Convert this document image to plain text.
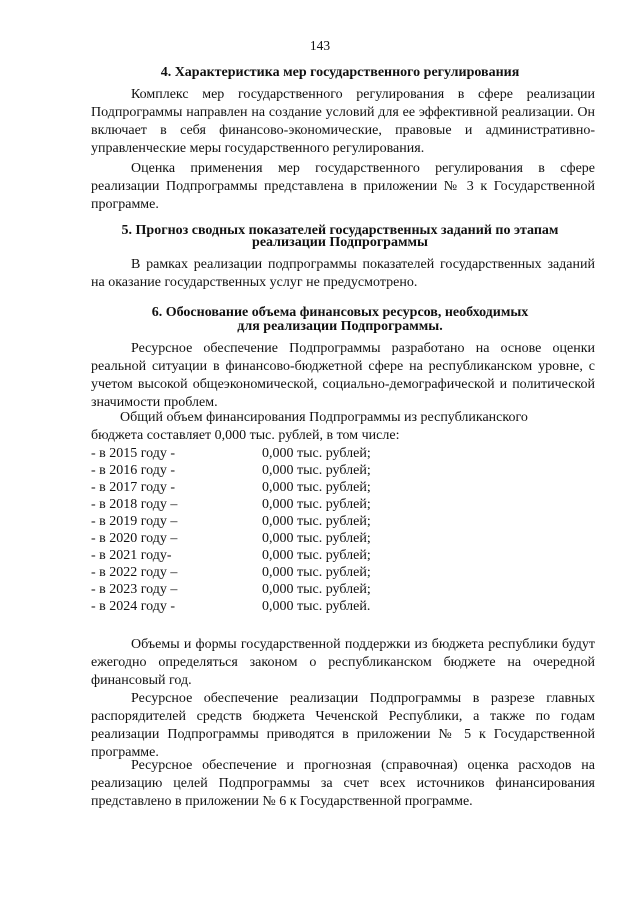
143
4. Характеристика мер государственного регулирования

Комплекс мер государственного регулирования в сфере реализации Подпрограммы направлен на создание условий для ее эффективной реализации. Он включает в себя финансово-экономические, правовые и административно-управленческие меры государственного регулирования.

Оценка применения мер государственного регулирования в сфере реализации Подпрограммы представлена в приложении № 3 к Государственной программе.

5. Прогноз сводных показателей государственных заданий по этапам
реализации Подпрограммы

В рамках реализации подпрограммы показателей государственных заданий на оказание государственных услуг не предусмотрено.

6. Обоснование объема финансовых ресурсов, необходимых
для реализации Подпрограммы.

Ресурсное обеспечение Подпрограммы разработано на основе оценки реальной ситуации в финансово-бюджетной сфере на республиканском уровне, с учетом высокой общеэкономической, социально-демографической и политической значимости проблем.

Общий объем финансирования Подпрограммы из республиканского
бюджета составляет 0,000 тыс. рублей, в том числе:
- в 2015 году -	0,000 тыс. рублей;
- в 2016 году -	0,000 тыс. рублей;
- в 2017 году -	0,000 тыс. рублей;
- в 2018 году –	0,000 тыс. рублей;
- в 2019 году –	0,000 тыс. рублей;
- в 2020 году –	0,000 тыс. рублей;
- в 2021 году-	0,000 тыс. рублей;
- в 2022 году –	0,000 тыс. рублей;
- в 2023 году –	0,000 тыс. рублей;
- в 2024 году -	0,000 тыс. рублей.

Объемы и формы государственной поддержки из бюджета республики будут ежегодно определяться законом о республиканском бюджете на очередной финансовый год.

Ресурсное обеспечение реализации Подпрограммы в разрезе главных распорядителей средств бюджета Чеченской Республики, а также по годам реализации Подпрограммы приводятся в приложении № 5 к Государственной программе.

Ресурсное обеспечение и прогнозная (справочная) оценка расходов на реализацию целей Подпрограммы за счет всех источников финансирования представлено в приложении № 6 к Государственной программе.
